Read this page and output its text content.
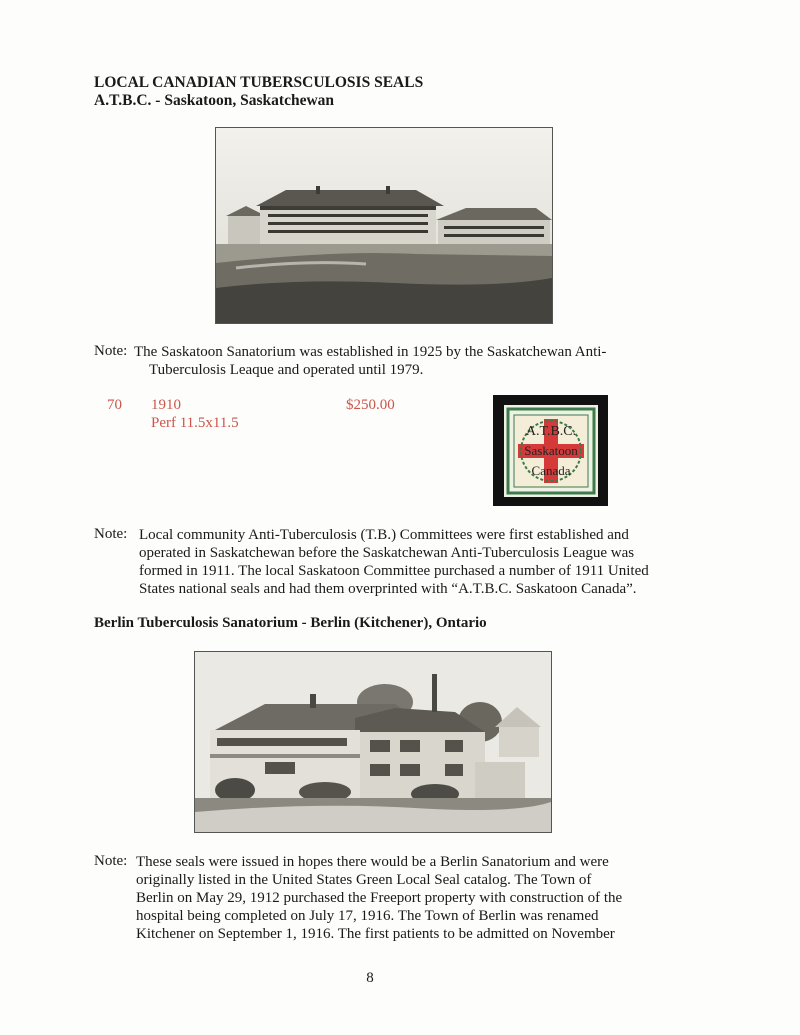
LOCAL CANADIAN TUBERSCULOSIS SEALS
A.T.B.C. - Saskatoon, Saskatchewan
Note: The Saskatoon Sanatorium was established in 1925 by the Saskatchewan Anti-
Tuberculosis Leaque and operated until 1979.
70 1910
Perf 11.5x11.5
$250.00
A.T.B.C.
Saskatoon
Canada
Note: Local community Anti-Tuberculosis (T.B.) Committees were first established and
operated in Saskatchewan before the Saskatchewan Anti-Tuberculosis League was
formed in 1911. The local Saskatoon Committee purchased a number of 1911 United
States national seals and had them overprinted with “A.T.B.C. Saskatoon Canada”.
Berlin Tuberculosis Sanatorium - Berlin (Kitchener), Ontario
Note: These seals were issued in hopes there would be a Berlin Sanatorium and were
originally listed in the United States Green Local Seal catalog. The Town of
Berlin on May 29, 1912 purchased the Freeport property with construction of the
hospital being completed on July 17, 1916. The Town of Berlin was renamed
Kitchener on September 1, 1916. The first patients to be admitted on November
8
